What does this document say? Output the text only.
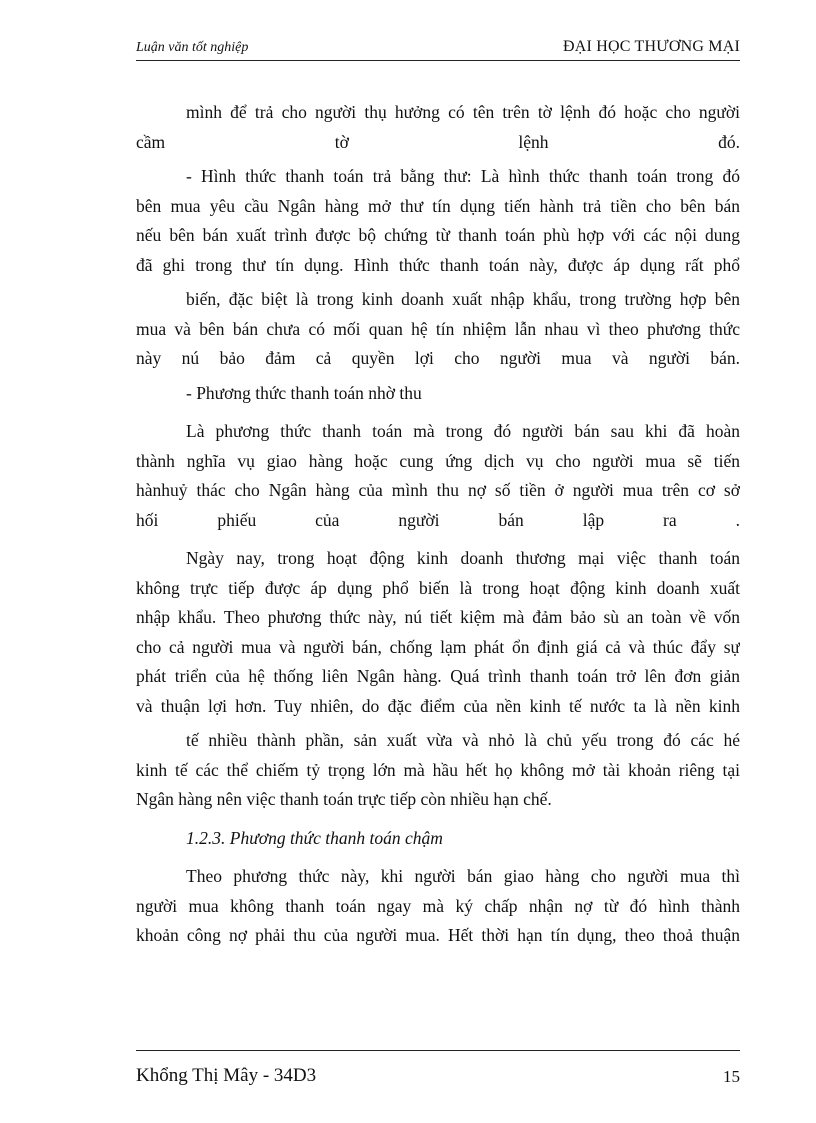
Luận văn tốt nghiệp	ĐẠI HỌC THƯƠNG MẠI
mình để trả cho người thụ hưởng có tên trên tờ lệnh đó hoặc cho người
cầm tờ lệnh đó.
- Hình thức thanh toán trả bằng thư: Là hình thức thanh toán trong đó
bên mua yêu cầu Ngân hàng mở thư tín dụng tiến hành trả tiền cho bên bán
nếu bên bán xuất trình được bộ chứng từ thanh toán phù hợp với các nội dung
đã ghi trong thư tín dụng. Hình thức thanh toán này, được áp dụng rất phổ
biến, đặc biệt là trong kinh doanh xuất nhập khẩu, trong trường hợp bên
mua và bên bán chưa có mối quan hệ tín nhiệm lẫn nhau vì theo phương thức
này nú bảo đảm cả quyền lợi cho người mua và người bán.
- Phương thức thanh toán nhờ thu
Là phương thức thanh toán mà trong đó người bán sau khi đã hoàn
thành nghĩa vụ giao hàng hoặc cung ứng dịch vụ cho người mua sẽ tiến
hànhuỷ thác cho Ngân hàng của mình thu nợ số tiền ở người mua trên cơ sở
hối phiếu của người bán lập ra .
Ngày nay, trong hoạt động kinh doanh thương mại việc thanh toán
không trực tiếp được áp dụng phổ biến là trong hoạt động kinh doanh xuất
nhập khẩu. Theo phương thức này, nú tiết kiệm mà đảm bảo sù an toàn về vốn
cho cả người mua và người bán, chống lạm phát ổn định giá cả và thúc đẩy sự
phát triển của hệ thống liên Ngân hàng. Quá trình thanh toán trở lên đơn giản
và thuận lợi hơn. Tuy nhiên, do đặc điểm của nền kinh tế nước ta là nền kinh
tế nhiều thành phần, sản xuất vừa và nhỏ là chủ yếu trong đó các hé
kinh tế các thể chiếm tỷ trọng lớn mà hầu hết họ không mở tài khoản riêng tại
Ngân hàng nên việc thanh toán trực tiếp còn nhiều hạn chế.
1.2.3. Phương thức thanh toán chậm
Theo phương thức này, khi người bán giao hàng cho người mua thì
người mua không thanh toán ngay mà ký chấp nhận nợ từ đó hình thành
khoản công nợ phải thu của người mua. Hết thời hạn tín dụng, theo thoả thuận
Khổng Thị Mây - 34D3	15
